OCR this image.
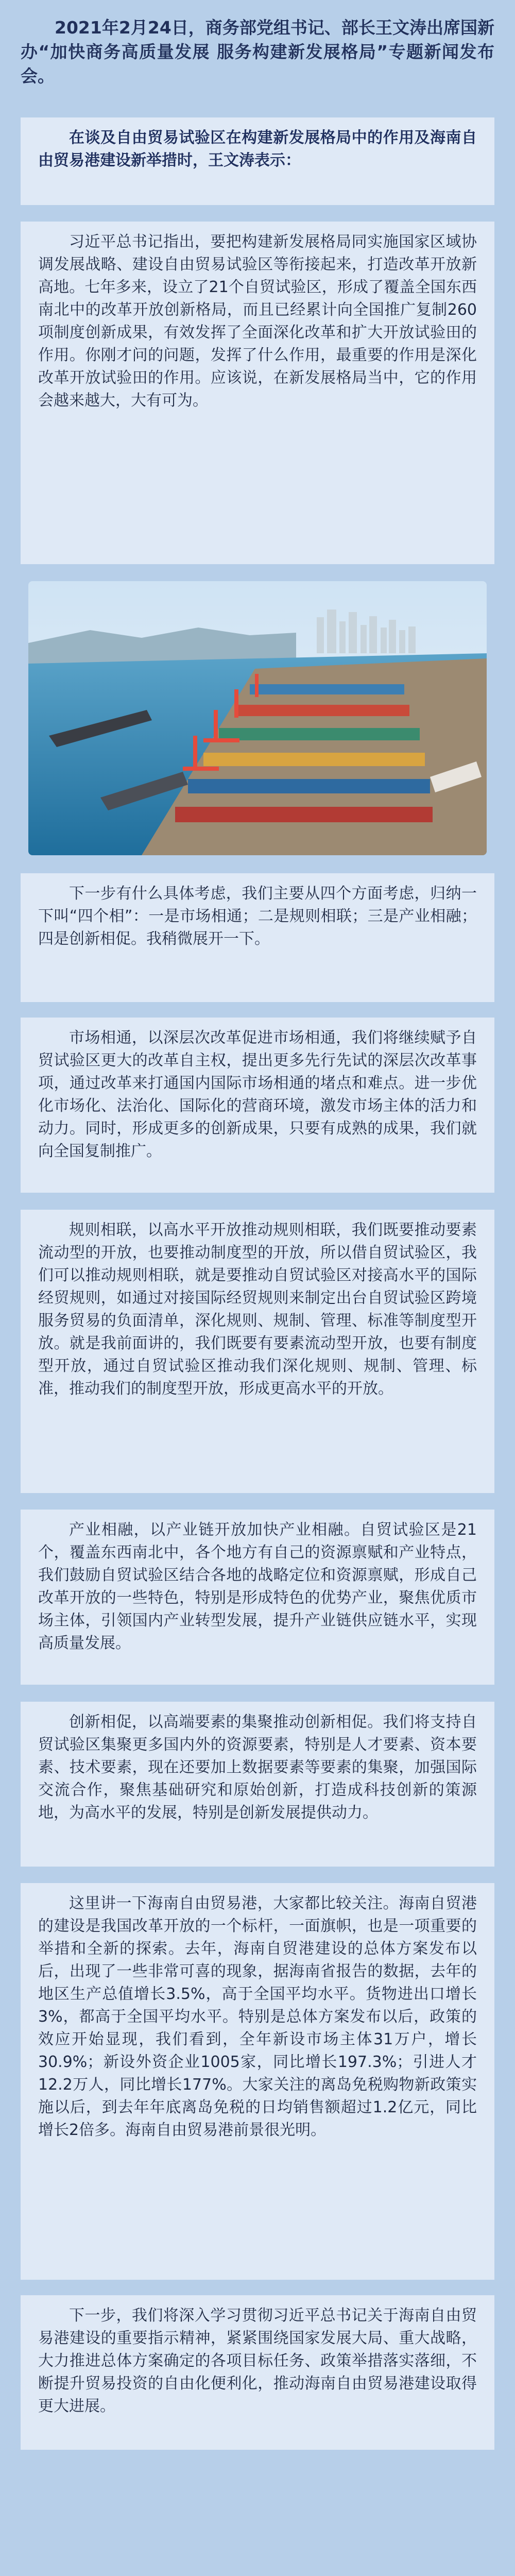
2021年2月24日，商务部党组书记、部长王文涛出席国新办“加快商务高质量发展 服务构建新发展格局”专题新闻发布会。

在谈及自由贸易试验区在构建新发展格局中的作用及海南自由贸易港建设新举措时，王文涛表示：

习近平总书记指出，要把构建新发展格局同实施国家区域协调发展战略、建设自由贸易试验区等衔接起来，打造改革开放新高地。七年多来，设立了21个自贸试验区，形成了覆盖全国东西南北中的改革开放创新格局，而且已经累计向全国推广复制260项制度创新成果，有效发挥了全面深化改革和扩大开放试验田的作用。你刚才问的问题，发挥了什么作用，最重要的作用是深化改革开放试验田的作用。应该说，在新发展格局当中，它的作用会越来越大，大有可为。

下一步有什么具体考虑，我们主要从四个方面考虑，归纳一下叫“四个相”：一是市场相通；二是规则相联；三是产业相融；四是创新相促。我稍微展开一下。

市场相通，以深层次改革促进市场相通，我们将继续赋予自贸试验区更大的改革自主权，提出更多先行先试的深层次改革事项，通过改革来打通国内国际市场相通的堵点和难点。进一步优化市场化、法治化、国际化的营商环境，激发市场主体的活力和动力。同时，形成更多的创新成果，只要有成熟的成果，我们就向全国复制推广。

规则相联，以高水平开放推动规则相联，我们既要推动要素流动型的开放，也要推动制度型的开放，所以借自贸试验区，我们可以推动规则相联，就是要推动自贸试验区对接高水平的国际经贸规则，如通过对接国际经贸规则来制定出台自贸试验区跨境服务贸易的负面清单，深化规则、规制、管理、标准等制度型开放。就是我前面讲的，我们既要有要素流动型开放，也要有制度型开放，通过自贸试验区推动我们深化规则、规制、管理、标准，推动我们的制度型开放，形成更高水平的开放。

产业相融，以产业链开放加快产业相融。自贸试验区是21个，覆盖东西南北中，各个地方有自己的资源禀赋和产业特点，我们鼓励自贸试验区结合各地的战略定位和资源禀赋，形成自己改革开放的一些特色，特别是形成特色的优势产业，聚焦优质市场主体，引领国内产业转型发展，提升产业链供应链水平，实现高质量发展。

创新相促，以高端要素的集聚推动创新相促。我们将支持自贸试验区集聚更多国内外的资源要素，特别是人才要素、资本要素、技术要素，现在还要加上数据要素等要素的集聚，加强国际交流合作，聚焦基础研究和原始创新，打造成科技创新的策源地，为高水平的发展，特别是创新发展提供动力。

这里讲一下海南自由贸易港，大家都比较关注。海南自贸港的建设是我国改革开放的一个标杆，一面旗帜，也是一项重要的举措和全新的探索。去年，海南自贸港建设的总体方案发布以后，出现了一些非常可喜的现象，据海南省报告的数据，去年的地区生产总值增长3.5%，高于全国平均水平。货物进出口增长3%，都高于全国平均水平。特别是总体方案发布以后，政策的效应开始显现，我们看到，全年新设市场主体31万户，增长30.9%；新设外资企业1005家，同比增长197.3%；引进人才12.2万人，同比增长177%。大家关注的离岛免税购物新政策实施以后，到去年年底离岛免税的日均销售额超过1.2亿元，同比增长2倍多。海南自由贸易港前景很光明。

下一步，我们将深入学习贯彻习近平总书记关于海南自由贸易港建设的重要指示精神，紧紧围绕国家发展大局、重大战略，大力推进总体方案确定的各项目标任务、政策举措落实落细，不断提升贸易投资的自由化便利化，推动海南自由贸易港建设取得更大进展。
